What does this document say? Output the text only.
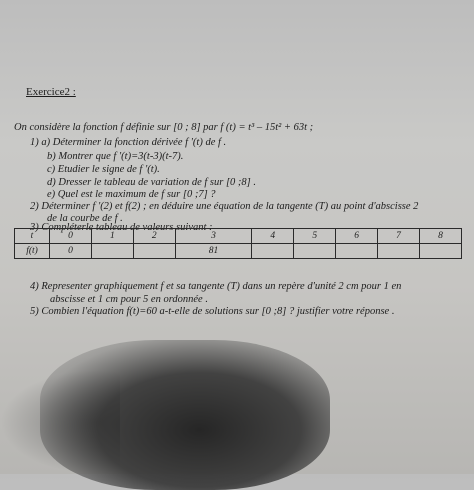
Exercice2 :
On considère la fonction f définie sur [0 ; 8] par f (t) = t³ – 15t² + 63t ;
1) a) Déterminer la fonction dérivée f '(t) de f .
b) Montrer que f '(t)=3(t-3)(t-7).
c) Etudier le signe de f '(t).
d) Dresser le tableau de variation de f sur [0 ;8] .
e) Quel est le maximum de f sur [0 ;7] ?
2) Déterminer f '(2) et f(2) ; en déduire une équation de la tangente (T) au point d'abscisse 2
de la courbe de f .
3) Compléterle tableau de valeurs suivant :
t	0	1	2	3	4	5	6	7	8
f(t)	0			81					
4) Representer graphiquement f et sa tangente (T) dans un repère d'unité 2 cm pour 1 en
abscisse et 1 cm pour 5 en ordonnée .
5) Combien l'équation f(t)=60 a-t-elle de solutions sur [0 ;8] ? justifier votre réponse .
